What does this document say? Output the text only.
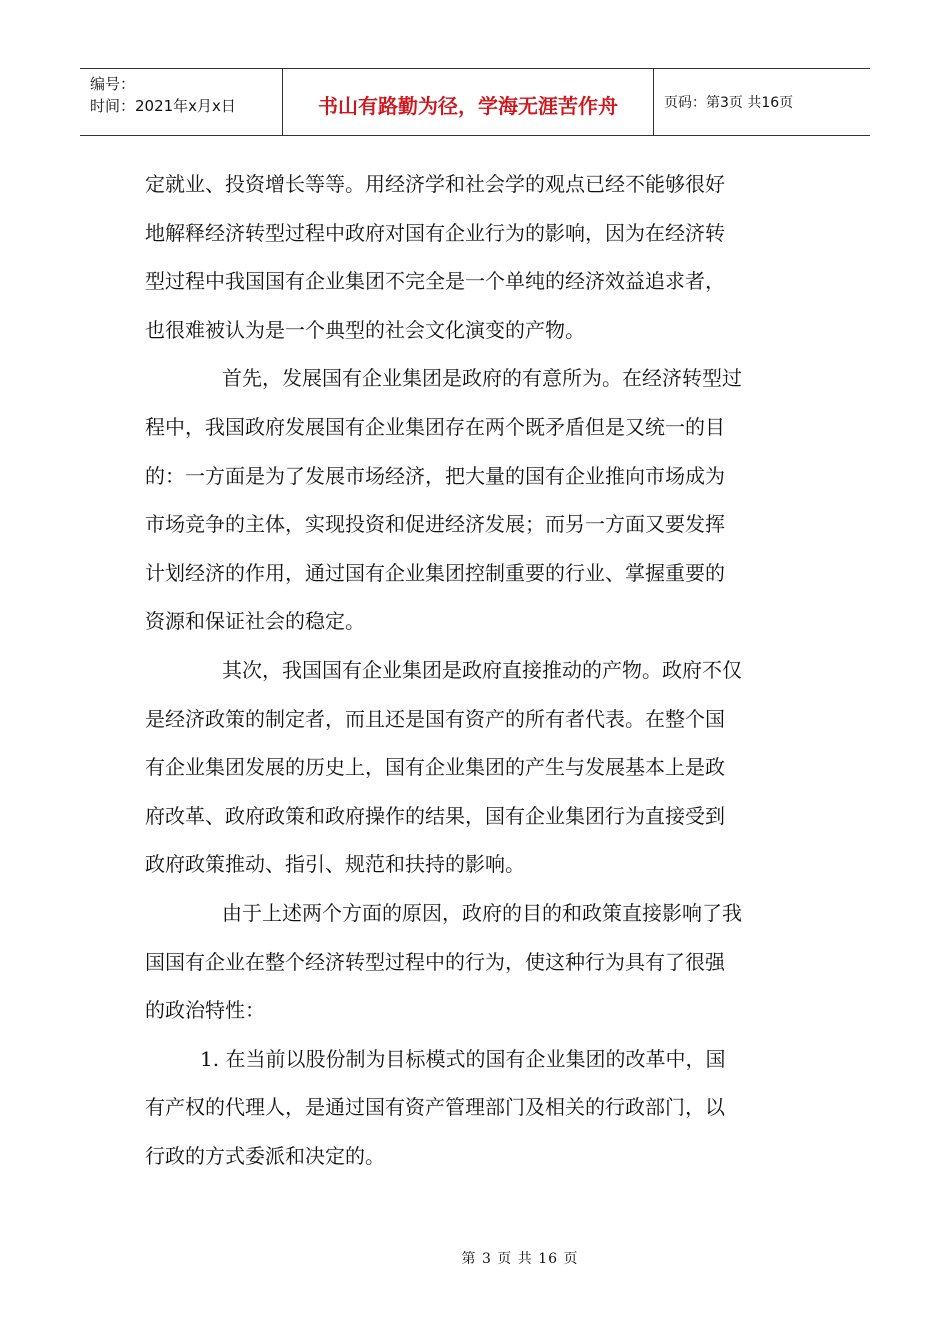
编号：
时间：2021年x月x日	书山有路勤为径，学海无涯苦作舟	页码：第3页 共16页
定就业、投资增长等等。用经济学和社会学的观点已经不能够很好
地解释经济转型过程中政府对国有企业行为的影响，因为在经济转
型过程中我国国有企业集团不完全是一个单纯的经济效益追求者，
也很难被认为是一个典型的社会文化演变的产物。
首先，发展国有企业集团是政府的有意所为。在经济转型过
程中，我国政府发展国有企业集团存在两个既矛盾但是又统一的目
的：一方面是为了发展市场经济，把大量的国有企业推向市场成为
市场竞争的主体，实现投资和促进经济发展；而另一方面又要发挥
计划经济的作用，通过国有企业集团控制重要的行业、掌握重要的
资源和保证社会的稳定。
其次，我国国有企业集团是政府直接推动的产物。政府不仅
是经济政策的制定者，而且还是国有资产的所有者代表。在整个国
有企业集团发展的历史上，国有企业集团的产生与发展基本上是政
府改革、政府政策和政府操作的结果，国有企业集团行为直接受到
政府政策推动、指引、规范和扶持的影响。
由于上述两个方面的原因，政府的目的和政策直接影响了我
国国有企业在整个经济转型过程中的行为，使这种行为具有了很强
的政治特性：
1. 在当前以股份制为目标模式的国有企业集团的改革中，国
有产权的代理人，是通过国有资产管理部门及相关的行政部门，以
行政的方式委派和决定的。
第 3 页 共 16 页
